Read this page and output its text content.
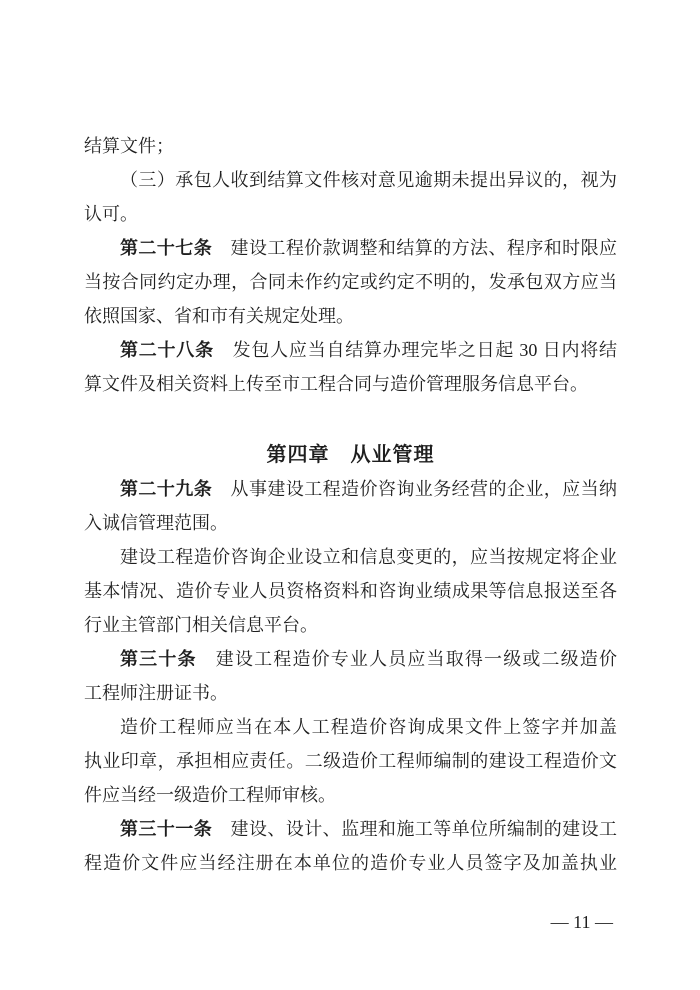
结算文件；
（三）承包人收到结算文件核对意见逾期未提出异议的，视为
认可。
第二十七条　建设工程价款调整和结算的方法、程序和时限应
当按合同约定办理，合同未作约定或约定不明的，发承包双方应当
依照国家、省和市有关规定处理。
第二十八条　发包人应当自结算办理完毕之日起 30 日内将结
算文件及相关资料上传至市工程合同与造价管理服务信息平台。
第四章　从业管理
第二十九条　从事建设工程造价咨询业务经营的企业，应当纳
入诚信管理范围。
建设工程造价咨询企业设立和信息变更的，应当按规定将企业
基本情况、造价专业人员资格资料和咨询业绩成果等信息报送至各
行业主管部门相关信息平台。
第三十条　建设工程造价专业人员应当取得一级或二级造价
工程师注册证书。
造价工程师应当在本人工程造价咨询成果文件上签字并加盖
执业印章，承担相应责任。二级造价工程师编制的建设工程造价文
件应当经一级造价工程师审核。
第三十一条　建设、设计、监理和施工等单位所编制的建设工
程造价文件应当经注册在本单位的造价专业人员签字及加盖执业
— 11 —
